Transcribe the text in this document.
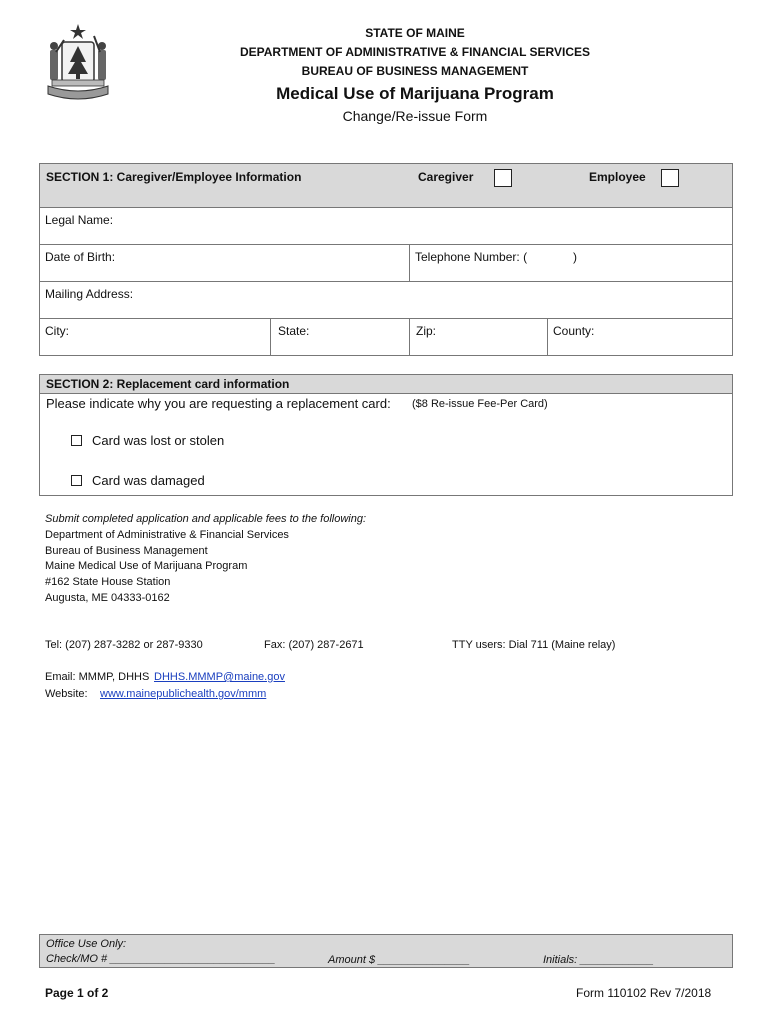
STATE OF MAINE
DEPARTMENT OF ADMINISTRATIVE & FINANCIAL SERVICES
BUREAU OF BUSINESS MANAGEMENT
Medical Use of Marijuana Program
Change/Re-issue Form
SECTION 1: Caregiver/Employee Information	Caregiver	Employee
Legal Name:
Date of Birth:	Telephone Number: (	)
Mailing Address:
City:	State:	Zip:	County:
SECTION 2: Replacement card information
Please indicate why you are requesting a replacement card: ($8 Re-issue Fee-Per Card)
Card was lost or stolen
Card was damaged
Submit completed application and applicable fees to the following:
Department of Administrative & Financial Services
Bureau of Business Management
Maine Medical Use of Marijuana Program
#162 State House Station
Augusta, ME 04333-0162
Tel: (207) 287-3282 or 287-9330	Fax: (207) 287-2671	TTY users: Dial 711 (Maine relay)
Email: MMMP, DHHS DHHS.MMMP@maine.gov
Website: www.mainepublichealth.gov/mmm
Office Use Only:
Check/MO # ___________________________	Amount $ _______________	Initials: ____________
Page 1 of 2	Form 110102 Rev 7/2018
